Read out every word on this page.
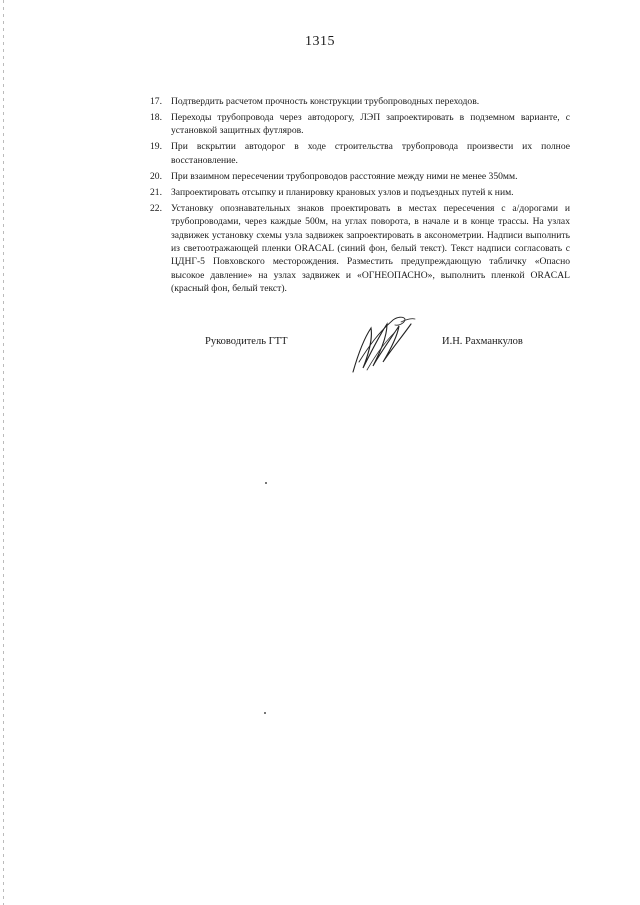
1315
17. Подтвердить расчетом прочность конструкции трубопроводных переходов.
18. Переходы трубопровода через автодорогу, ЛЭП запроектировать в подземном варианте, с установкой защитных футляров.
19. При вскрытии автодорог в ходе строительства трубопровода произвести их полное восстановление.
20. При взаимном пересечении трубопроводов расстояние между ними не менее 350мм.
21. Запроектировать отсыпку и планировку крановых узлов и подъездных путей к ним.
22. Установку опознавательных знаков проектировать в местах пересечения с а/дорогами и трубопроводами, через каждые 500м, на углах поворота, в начале и в конце трассы. На узлах задвижек установку схемы узла задвижек запроектировать в аксонометрии. Надписи выполнить из светоотражающей пленки ORACAL (синий фон, белый текст). Текст надписи согласовать с ЦДНГ-5 Повховского месторождения. Разместить предупреждающую табличку «Опасно высокое давление» на узлах задвижек и «ОГНЕОПАСНО», выполнить пленкой ORACAL (красный фон, белый текст).
Руководитель ГТТ	И.Н. Рахманкулов
